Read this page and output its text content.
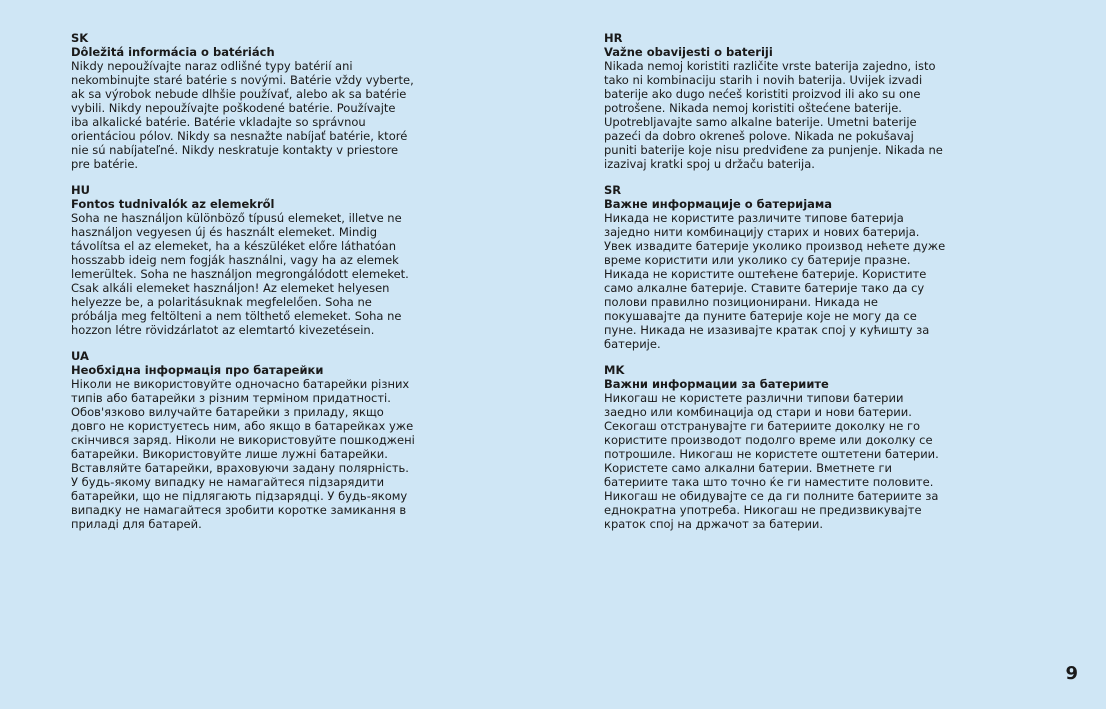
SK

Dôležitá informácia o batériách

Nikdy nepoužívajte naraz odlišné typy batérií ani nekombinujte staré batérie s novými. Batérie vždy vyberte, ak sa výrobok nebude dlhšie používať, alebo ak sa batérie vybili. Nikdy nepoužívajte poškodené batérie. Používajte iba alkalické batérie. Batérie vkladajte so správnou orientáciou pólov. Nikdy sa nesnažte nabíjať batérie, ktoré nie sú nabíjateľné. Nikdy neskratuje kontakty v priestore pre batérie.

HU

Fontos tudnivalók az elemekről

Soha ne használjon különböző típusú elemeket, illetve ne használjon vegyesen új és használt elemeket. Mindig távolítsa el az elemeket, ha a készüléket előre láthatóan hosszabb ideig nem fogják használni, vagy ha az elemek lemerültek. Soha ne használjon megrongálódott elemeket. Csak alkáli elemeket használjon! Az elemeket helyesen helyezze be, a polaritásuknak megfelelően. Soha ne próbálja meg feltölteni a nem tölthető elemeket. Soha ne hozzon létre rövidzárlatot az elemtartó kivezetésein.

UA

Необхідна інформація про батарейки

Ніколи не використовуйте одночасно батарейки різних типів або батарейки з різним терміном придатності. Обов'язково вилучайте батарейки з приладу, якщо довго не користуєтесь ним, або якщо в батарейках уже скінчився заряд. Ніколи не використовуйте пошкоджені батарейки. Використовуйте лише лужні батарейки. Вставляйте батарейки, враховуючи задану полярність. У будь-якому випадку не намагайтеся підзарядити батарейки, що не підлягають підзарядці. У будь-якому випадку не намагайтеся зробити коротке замикання в приладі для батарей.

HR

Važne obavijesti o bateriji

Nikada nemoj koristiti različite vrste baterija zajedno, isto tako ni kombinaciju starih i novih baterija. Uvijek izvadi baterije ako dugo nećeš koristiti proizvod ili ako su one potrošene. Nikada nemoj koristiti oštećene baterije. Upotrebljavajte samo alkalne baterije. Umetni baterije pazeći da dobro okreneš polove. Nikada ne pokušavaj puniti baterije koje nisu predviđene za punjenje. Nikada ne izazivaj kratki spoj u držaču baterija.

SR

Важне информације о батеријама

Никада не користите различите типове батерија заједно нити комбинацију старих и нових батерија. Увек извадите батерије уколико производ нећете дуже време користити или уколико су батерије празне. Никада не користите оштећене батерије. Користите само алкалне батерије. Ставите батерије тако да су полови правилно позиционирани. Никада не покушавајте да пуните батерије које не могу да се пуне. Никада не изазивајте кратак спој у кућишту за батерије.

MK

Важни информации за батериите

Никогаш не користете различни типови батерии заедно или комбинација од стари и нови батерии. Секогаш отстранувајте ги батериите доколку не го користите производот подолго време или доколку се потрошиле. Никогаш не користете оштетени батерии. Користете само алкални батерии. Вметнете ги батериите така што точно ќе ги наместите половите. Никогаш не обидувајте се да ги полните батериите за еднократна употреба. Никогаш не предизвикувајте краток спој на држачот за батерии.

9
